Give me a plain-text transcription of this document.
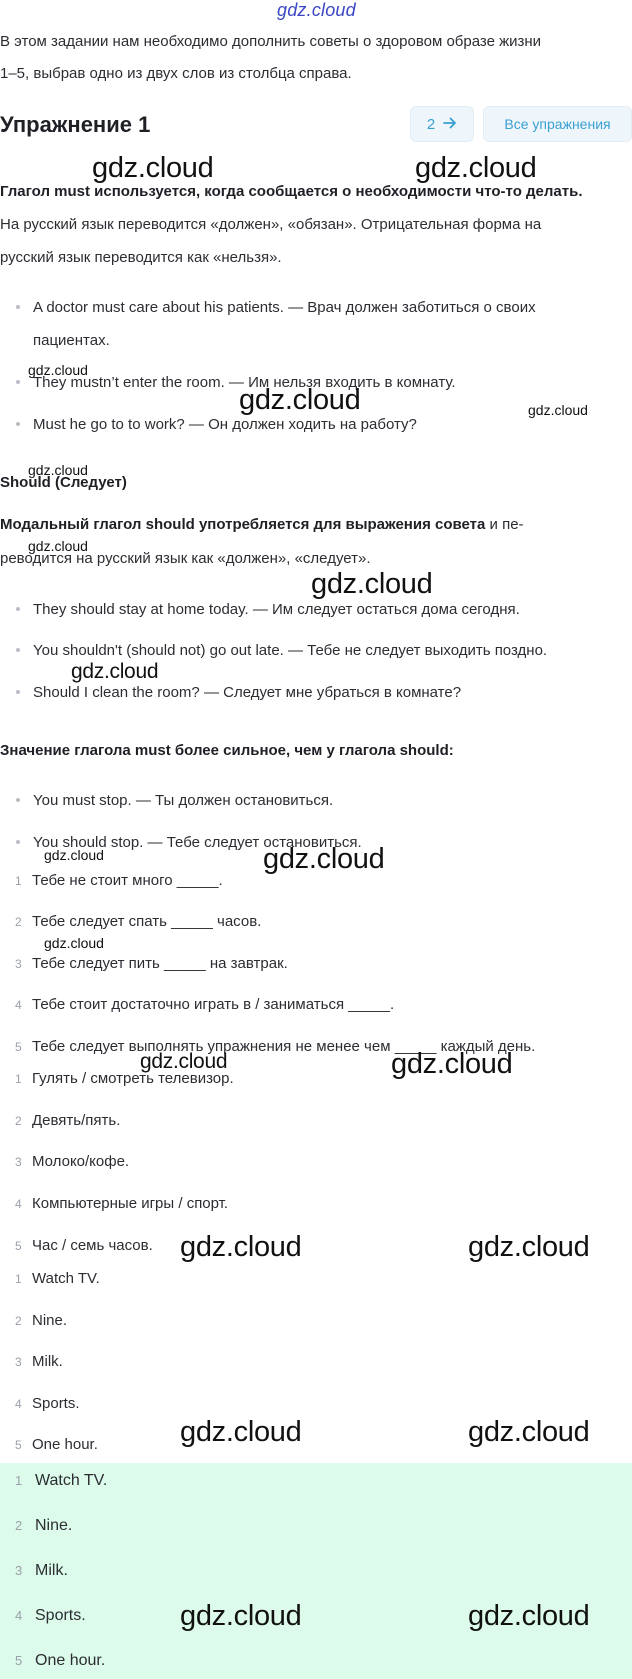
gdz.cloud
В этом задании нам необходимо дополнить советы о здоровом образе жизни
1–5, выбрав одно из двух слов из столбца справа.
Упражнение 1	2	Все упражнения
Глагол must используется, когда сообщается о необходимости что-то делать.
На русский язык переводится «должен», «обязан». Отрицательная форма на
русский язык переводится как «нельзя».
A doctor must care about his patients. — Врач должен заботиться о своих
пациентах.
They mustn’t enter the room. — Им нельзя входить в комнату.
Must he go to to work? — Он должен ходить на работу?
Should (Следует)
Модальный глагол should употребляется для выражения совета и пе-
реводится на русский язык как «должен», «следует».
They should stay at home today. — Им следует остаться дома сегодня.
You shouldn't (should not) go out late. — Тебе не следует выходить поздно.
Should I clean the room? — Следует мне убраться в комнате?
Значение глагола must более сильное, чем у глагола should:
You must stop. — Ты должен остановиться.
You should stop. — Тебе следует остановиться.
1 Тебе не стоит много _____.
2 Тебе следует спать _____ часов.
3 Тебе следует пить _____ на завтрак.
4 Тебе стоит достаточно играть в / заниматься _____.
5 Тебе следует выполнять упражнения не менее чем _____ каждый день.
1 Гулять / смотреть телевизор.
2 Девять/пять.
3 Молоко/кофе.
4 Компьютерные игры / спорт.
5 Час / семь часов.
1 Watch TV.
2 Nine.
3 Milk.
4 Sports.
5 One hour.
1 Watch TV.
2 Nine.
3 Milk.
4 Sports.
5 One hour.
gdz.cloud	gdz.cloud
gdz.cloud
gdz.cloud	gdz.cloud
gdz.cloud
gdz.cloud
gdz.cloud
gdz.cloud
gdz.cloud	gdz.cloud
gdz.cloud
gdz.cloud	gdz.cloud
gdz.cloud	gdz.cloud
gdz.cloud	gdz.cloud
gdz.cloud	gdz.cloud
